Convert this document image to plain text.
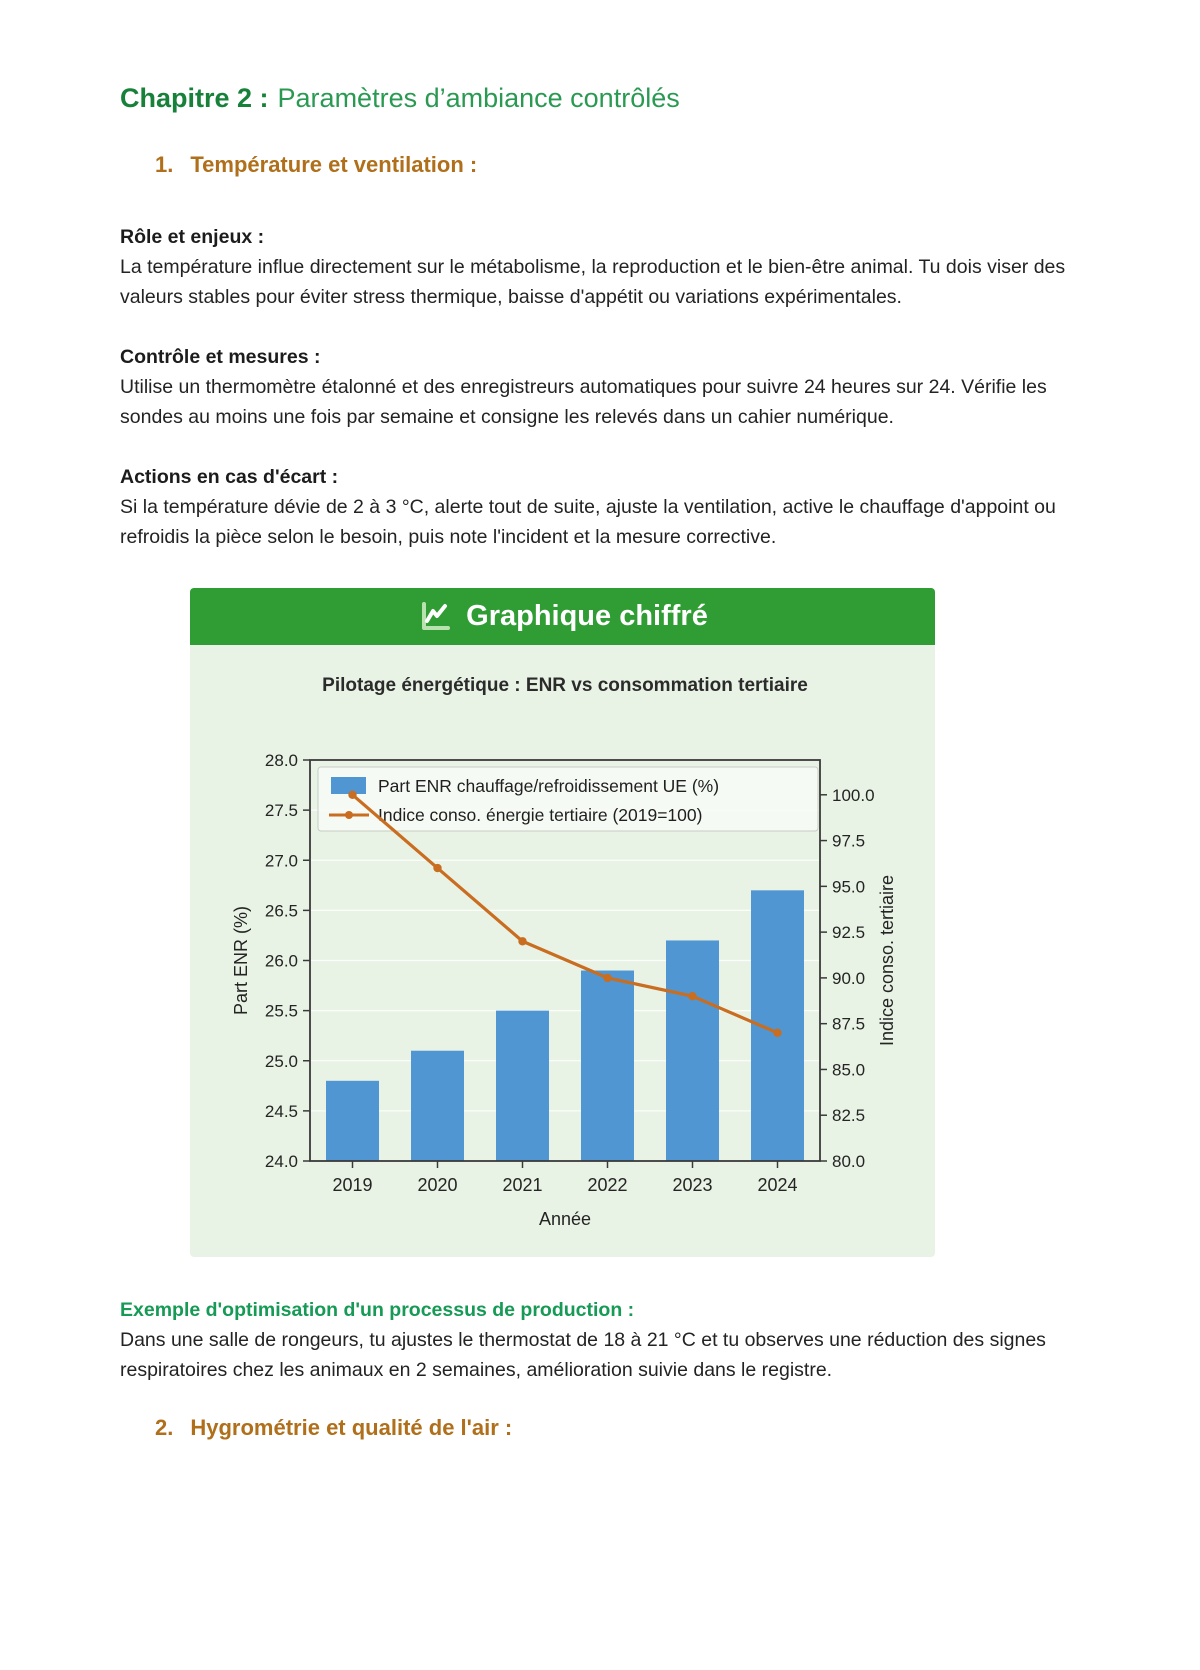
Chapitre 2 : Paramètres d’ambiance contrôlés
1. Température et ventilation :
Rôle et enjeux :
La température influe directement sur le métabolisme, la reproduction et le bien-être animal. Tu dois viser des valeurs stables pour éviter stress thermique, baisse d'appétit ou variations expérimentales.
Contrôle et mesures :
Utilise un thermomètre étalonné et des enregistreurs automatiques pour suivre 24 heures sur 24. Vérifie les sondes au moins une fois par semaine et consigne les relevés dans un cahier numérique.
Actions en cas d'écart :
Si la température dévie de 2 à 3 °C, alerte tout de suite, ajuste la ventilation, active le chauffage d'appoint ou refroidis la pièce selon le besoin, puis note l'incident et la mesure corrective.
Graphique chiffré
Part ENR chauffage/refroidissement UE (%)
Indice conso. énergie tertiaire (2019=100)
24.0
24.5
25.0
25.5
26.0
26.5
27.0
27.5
28.0
80.0
82.5
85.0
87.5
90.0
92.5
95.0
97.5
100.0
2019 2020 2021 2022 2023 2024
Pilotage énergétique : ENR vs consommation tertiaire
Année
Part ENR (%)	Indice conso. tertiaire
Exemple d'optimisation d'un processus de production :
Dans une salle de rongeurs, tu ajustes le thermostat de 18 à 21 °C et tu observes une réduction des signes respiratoires chez les animaux en 2 semaines, amélioration suivie dans le registre.
2. Hygrométrie et qualité de l'air :
